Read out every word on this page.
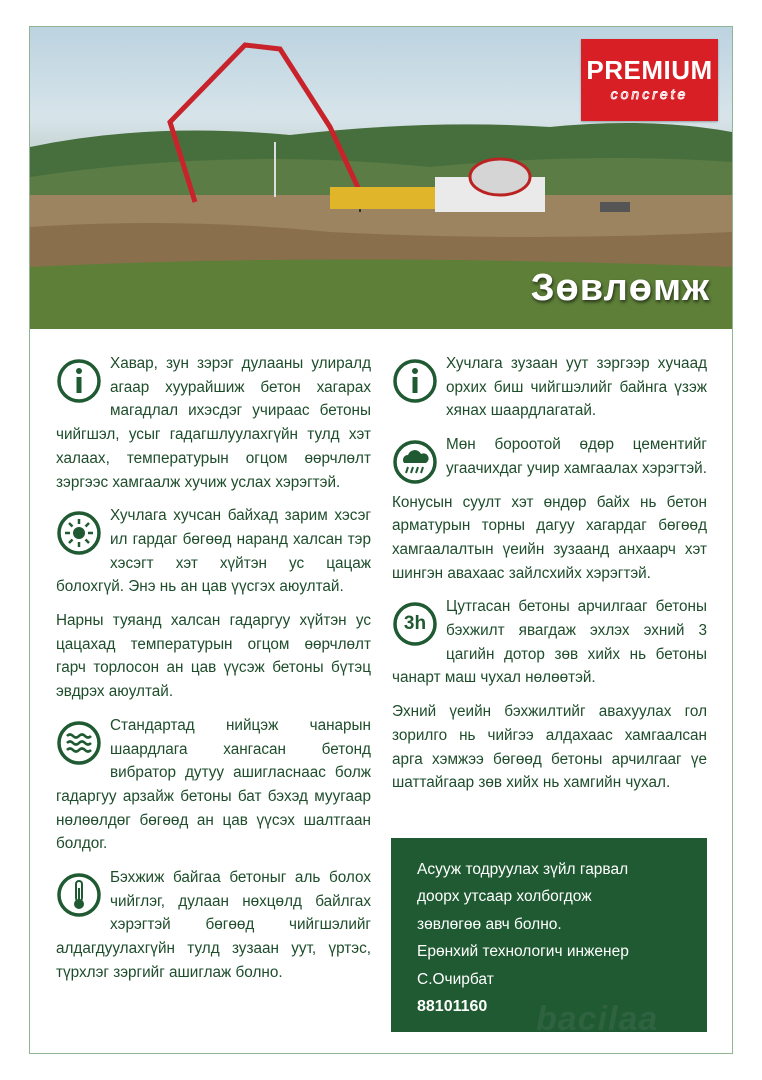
PREMIUM
concrete
Зөвлөмж

Хавар, зун зэрэг дулааны улиралд агаар хуурайшиж бетон хагарах магадлал ихэсдэг учираас бетоны чийгшэл, усыг гадагшлуулахгүйн тулд хэт халаах, температурын огцом өөрчлөлт зэргээс хамгаалж хучиж услах хэрэгтэй.

Хучлага хучсан байхад зарим хэсэг ил гардаг бөгөөд наранд халсан тэр хэсэгт хэт хүйтэн ус цацаж болохгүй. Энэ нь ан цав үүсгэх аюултай.

Нарны туяанд халсан гадаргуу хүйтэн ус цацахад температурын огцом өөрчлөлт гарч торлосон ан цав үүсэж бетоны бүтэц эвдрэх аюултай.

Стандартад нийцэж чанарын шаардлага хангасан бетонд вибратор дутуу ашигласнаас болж гадаргуу арзайж бетоны бат бэхэд муугаар нөлөөлдөг бөгөөд ан цав үүсэх шалтгаан болдог.

Бэхжиж байгаа бетоныг аль болох чийглэг, дулаан нөхцөлд байлгах хэрэгтэй бөгөөд чийгшэлийг алдагдуулахгүйн тулд зузаан уут, үртэс, түрхлэг зэргийг ашиглаж болно.

Хучлага зузаан уут зэргээр хучаад орхих биш чийгшэлийг байнга үзэж хянах шаардлагатай.

Мөн бороотой өдөр цементийг угаачихдаг учир хамгаалах хэрэгтэй.

Конусын суулт хэт өндөр байх нь бетон арматурын торны дагуу хагардаг бөгөөд хамгаалалтын үеийн зузаанд анхаарч хэт шингэн авахаас зайлсхийх хэрэгтэй.

3h
Цутгасан бетоны арчилгааг бетоны бэхжилт явагдаж эхлэх эхний 3 цагийн дотор зөв хийх нь бетоны чанарт маш чухал нөлөөтэй.

Эхний үеийн бэхжилтийг авахуулах гол зорилго нь чийгээ алдахаас хамгаалсан арга хэмжээ бөгөөд бетоны арчилгааг үе шаттайгаар зөв хийх нь хамгийн чухал.

Асууж тодруулах зүйл гарвал
доорх утсаар холбогдож
зөвлөгөө авч болно.
Ерөнхий технологич инженер
С.Очирбат
88101160	bacilaa
